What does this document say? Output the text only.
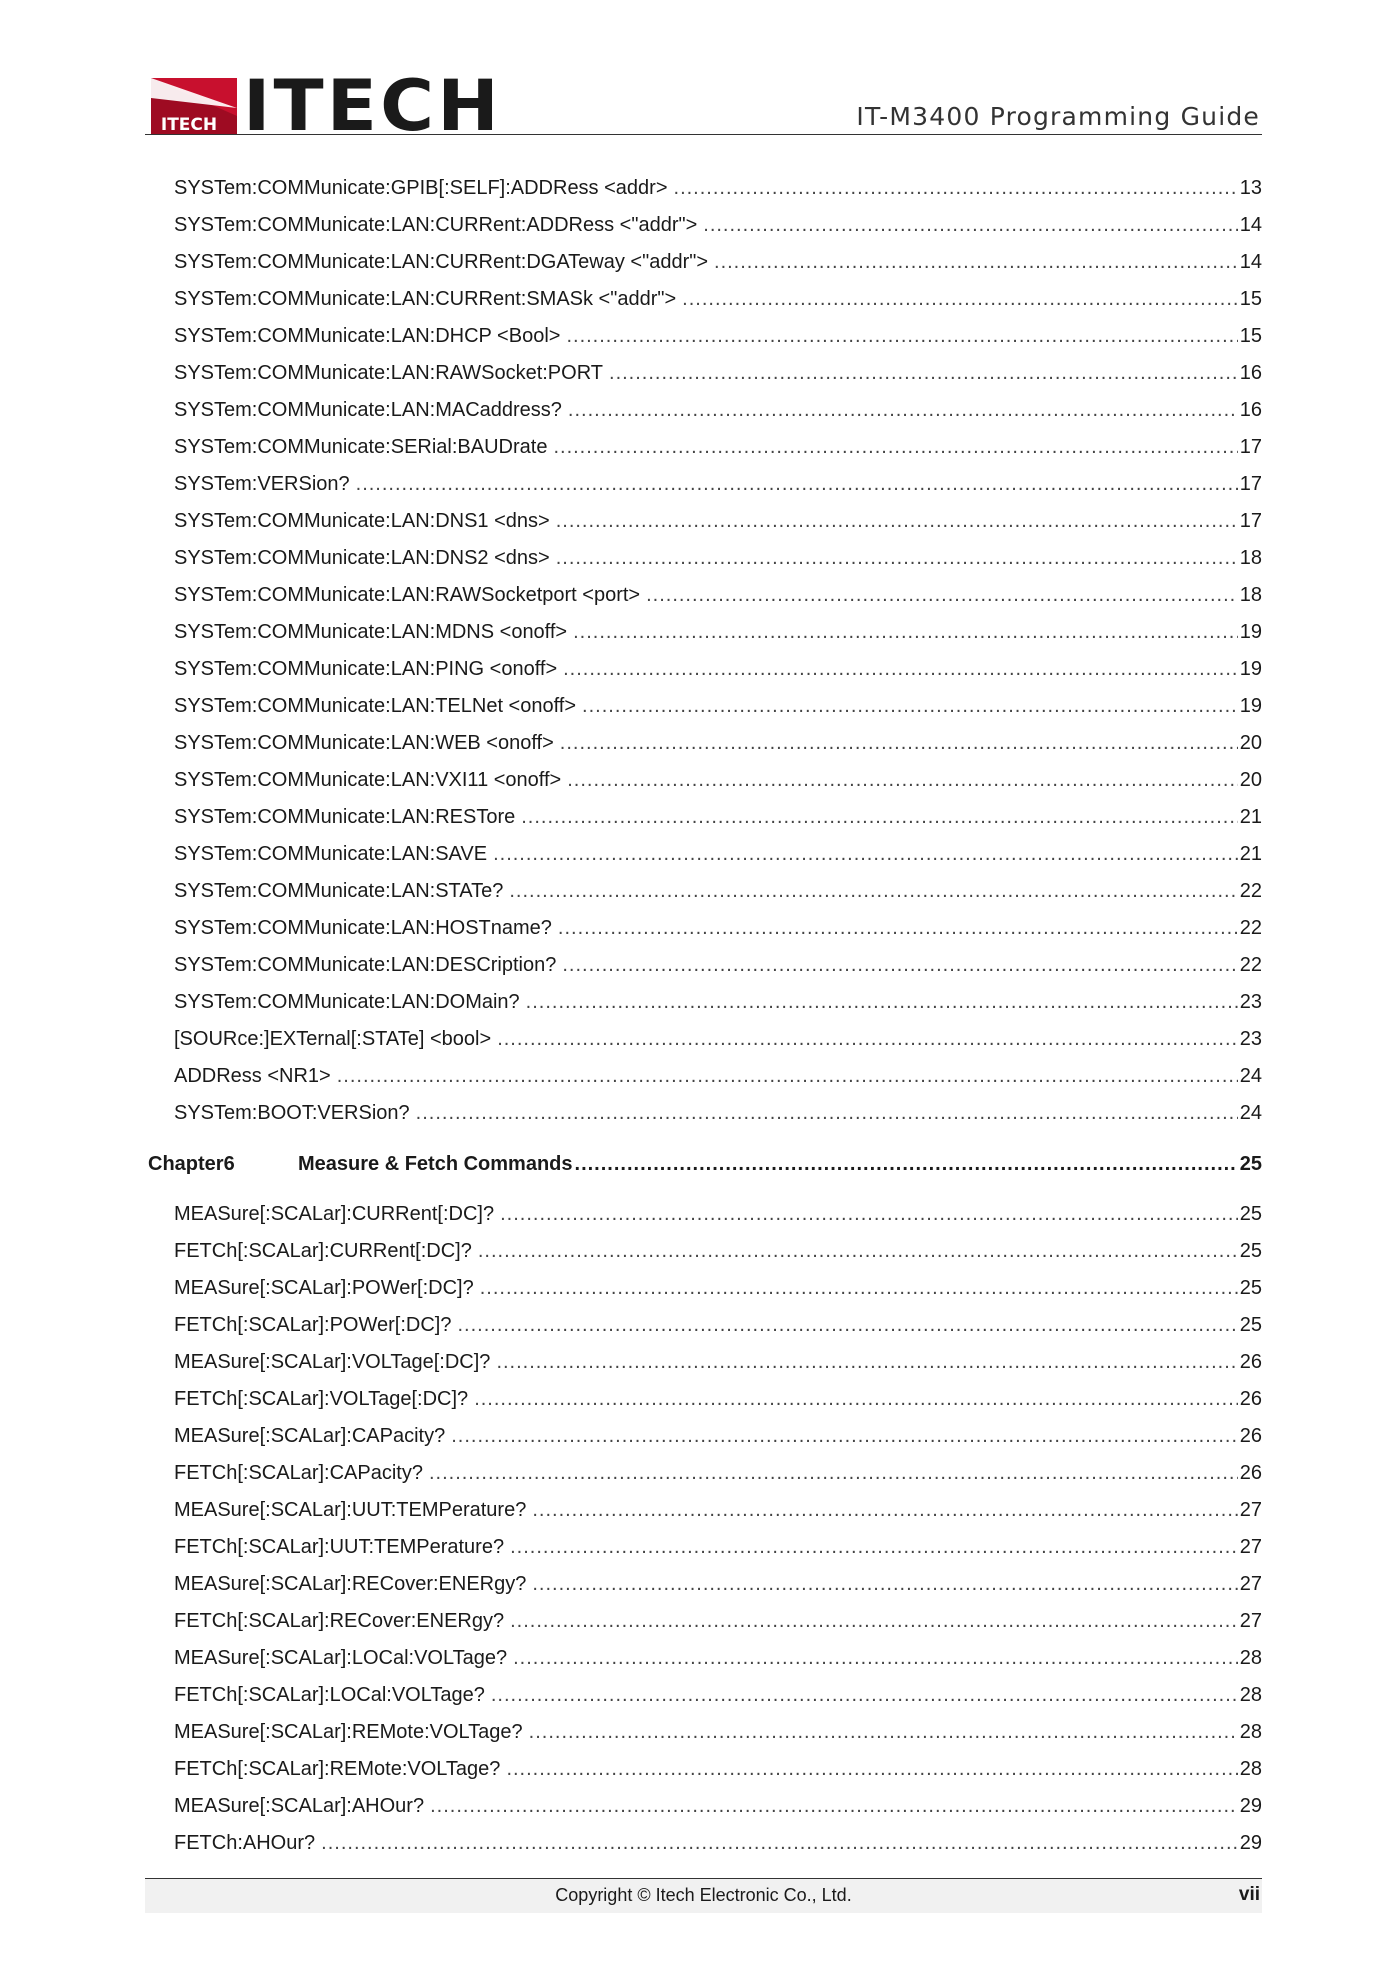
ITECH ITECH	IT-M3400 Programming Guide
SYSTem:COMMunicate:GPIB[:SELF]:ADDRess <addr> .....	13
SYSTem:COMMunicate:LAN:CURRent:ADDRess <"addr"> .....	14
SYSTem:COMMunicate:LAN:CURRent:DGATeway <"addr"> .....	14
SYSTem:COMMunicate:LAN:CURRent:SMASk <"addr"> .....	15
SYSTem:COMMunicate:LAN:DHCP <Bool> .....	15
SYSTem:COMMunicate:LAN:RAWSocket:PORT .....	16
SYSTem:COMMunicate:LAN:MACaddress? .....	16
SYSTem:COMMunicate:SERial:BAUDrate .....	17
SYSTem:VERSion? .....	17
SYSTem:COMMunicate:LAN:DNS1 <dns> .....	17
SYSTem:COMMunicate:LAN:DNS2 <dns> .....	18
SYSTem:COMMunicate:LAN:RAWSocketport <port> .....	18
SYSTem:COMMunicate:LAN:MDNS <onoff> .....	19
SYSTem:COMMunicate:LAN:PING <onoff> .....	19
SYSTem:COMMunicate:LAN:TELNet <onoff> .....	19
SYSTem:COMMunicate:LAN:WEB <onoff> .....	20
SYSTem:COMMunicate:LAN:VXI11 <onoff> .....	20
SYSTem:COMMunicate:LAN:RESTore .....	21
SYSTem:COMMunicate:LAN:SAVE .....	21
SYSTem:COMMunicate:LAN:STATe? .....	22
SYSTem:COMMunicate:LAN:HOSTname? .....	22
SYSTem:COMMunicate:LAN:DESCription? .....	22
SYSTem:COMMunicate:LAN:DOMain? .....	23
[SOURce:]EXTernal[:STATe] <bool> .....	23
ADDRess <NR1> .....	24
SYSTem:BOOT:VERSion? .....	24
Chapter6	Measure & Fetch Commands .....	25
MEASure[:SCALar]:CURRent[:DC]? .....	25
FETCh[:SCALar]:CURRent[:DC]? .....	25
MEASure[:SCALar]:POWer[:DC]? .....	25
FETCh[:SCALar]:POWer[:DC]? .....	25
MEASure[:SCALar]:VOLTage[:DC]? .....	26
FETCh[:SCALar]:VOLTage[:DC]? .....	26
MEASure[:SCALar]:CAPacity? .....	26
FETCh[:SCALar]:CAPacity? .....	26
MEASure[:SCALar]:UUT:TEMPerature? .....	27
FETCh[:SCALar]:UUT:TEMPerature? .....	27
MEASure[:SCALar]:RECover:ENERgy? .....	27
FETCh[:SCALar]:RECover:ENERgy? .....	27
MEASure[:SCALar]:LOCal:VOLTage? .....	28
FETCh[:SCALar]:LOCal:VOLTage? .....	28
MEASure[:SCALar]:REMote:VOLTage? .....	28
FETCh[:SCALar]:REMote:VOLTage? .....	28
MEASure[:SCALar]:AHOur? .....	29
FETCh:AHOur? .....	29
Copyright © Itech Electronic Co., Ltd.	vii
